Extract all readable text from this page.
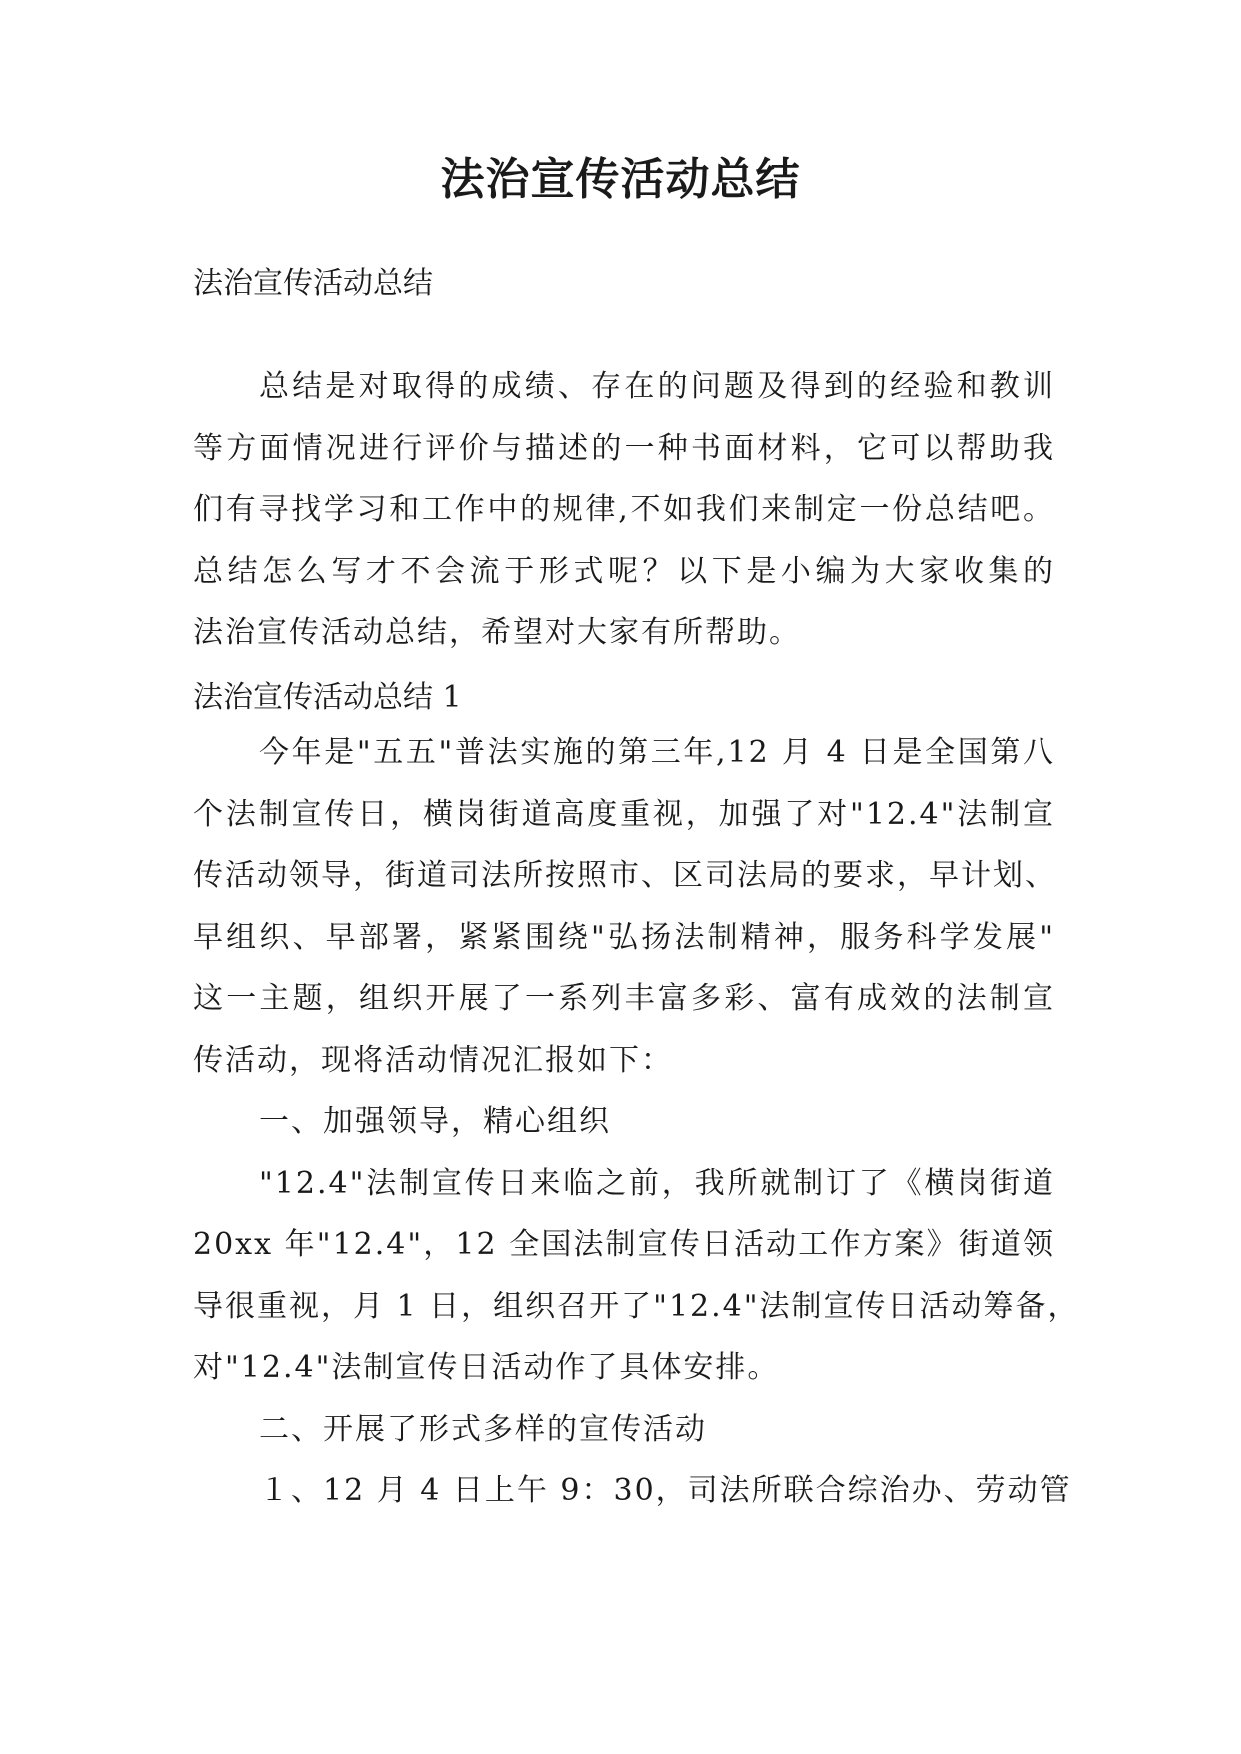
法治宣传活动总结

法治宣传活动总结

总结是对取得的成绩、存在的问题及得到的经验和教训
等方面情况进行评价与描述的一种书面材料，它可以帮助我
们有寻找学习和工作中的规律,不如我们来制定一份总结吧。
总结怎么写才不会流于形式呢？以下是小编为大家收集的
法治宣传活动总结，希望对大家有所帮助。

法治宣传活动总结 1

今年是"五五"普法实施的第三年,12 月 4 日是全国第八
个法制宣传日，横岗街道高度重视，加强了对"12.4"法制宣
传活动领导，街道司法所按照市、区司法局的要求，早计划、
早组织、早部署，紧紧围绕"弘扬法制精神，服务科学发展"
这一主题，组织开展了一系列丰富多彩、富有成效的法制宣
传活动，现将活动情况汇报如下：
一、加强领导，精心组织
"12.4"法制宣传日来临之前，我所就制订了《横岗街道
20xx 年"12.4"，12 全国法制宣传日活动工作方案》街道领
导很重视，月 1 日，组织召开了"12.4"法制宣传日活动筹备，
对"12.4"法制宣传日活动作了具体安排。
二、开展了形式多样的宣传活动
１、12 月 4 日上午 9：30，司法所联合综治办、劳动管
